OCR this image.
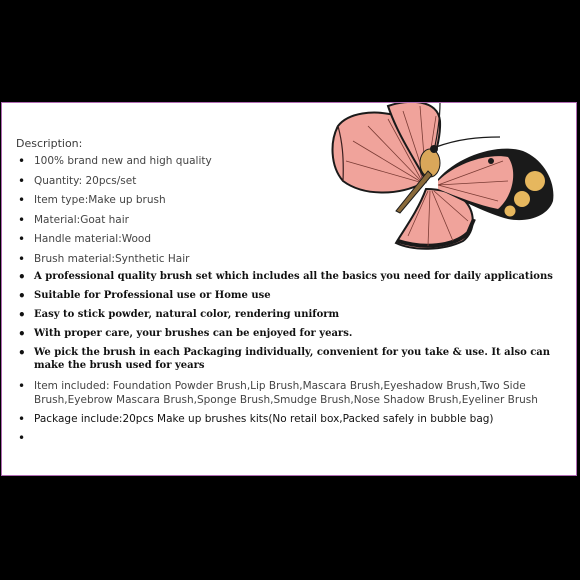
Description:

• 100% brand new and high quality
• Quantity: 20pcs/set
• Item type:Make up brush
• Material:Goat hair
• Handle material:Wood
• Brush material:Synthetic Hair
• A professional quality brush set which includes all the basics you need for daily applications
• Suitable for Professional use or Home use
• Easy to stick powder, natural color, rendering uniform
• With proper care, your brushes can be enjoyed for years.
• We pick the brush in each Packaging individually, convenient for you take & use. It also can make the brush used for years
• Item included: Foundation Powder Brush,Lip Brush,Mascara Brush,Eyeshadow Brush,Two Side Brush,Eyebrow Mascara Brush,Sponge Brush,Smudge Brush,Nose Shadow Brush,Eyeliner Brush
• Package include:20pcs Make up brushes kits(No retail box,Packed safely in bubble bag)
•
